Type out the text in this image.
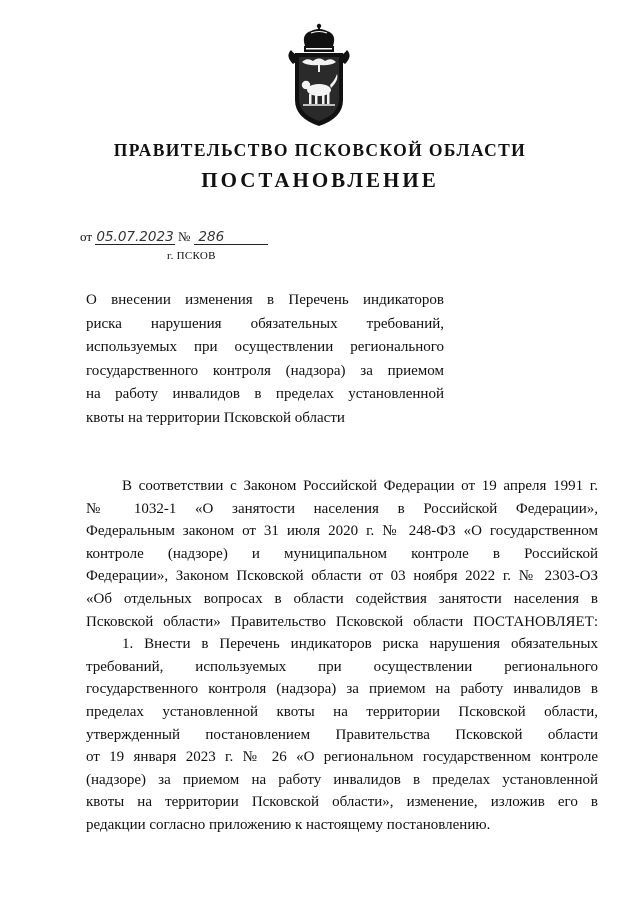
ПРАВИТЕЛЬСТВО ПСКОВСКОЙ ОБЛАСТИ
ПОСТАНОВЛЕНИЕ
от 05.07.2023 № 286
г. ПСКОВ
О внесении изменения в Перечень индикаторов
риска нарушения обязательных требований,
используемых при осуществлении регионального
государственного контроля (надзора) за приемом
на работу инвалидов в пределах установленной
квоты на территории Псковской области
В соответствии с Законом Российской Федерации от 19 апреля 1991 г.
№ 1032-1 «О занятости населения в Российской Федерации»,
Федеральным законом от 31 июля 2020 г. № 248-ФЗ «О государственном
контроле (надзоре) и муниципальном контроле в Российской
Федерации», Законом Псковской области от 03 ноября 2022 г. № 2303-ОЗ
«Об отдельных вопросах в области содействия занятости населения в
Псковской области» Правительство Псковской области ПОСТАНОВЛЯЕТ:
1. Внести в Перечень индикаторов риска нарушения обязательных
требований, используемых при осуществлении регионального
государственного контроля (надзора) за приемом на работу инвалидов в
пределах установленной квоты на территории Псковской области,
утвержденный постановлением Правительства Псковской области
от 19 января 2023 г. № 26 «О региональном государственном контроле
(надзоре) за приемом на работу инвалидов в пределах установленной
квоты на территории Псковской области», изменение, изложив его в
редакции согласно приложению к настоящему постановлению.
